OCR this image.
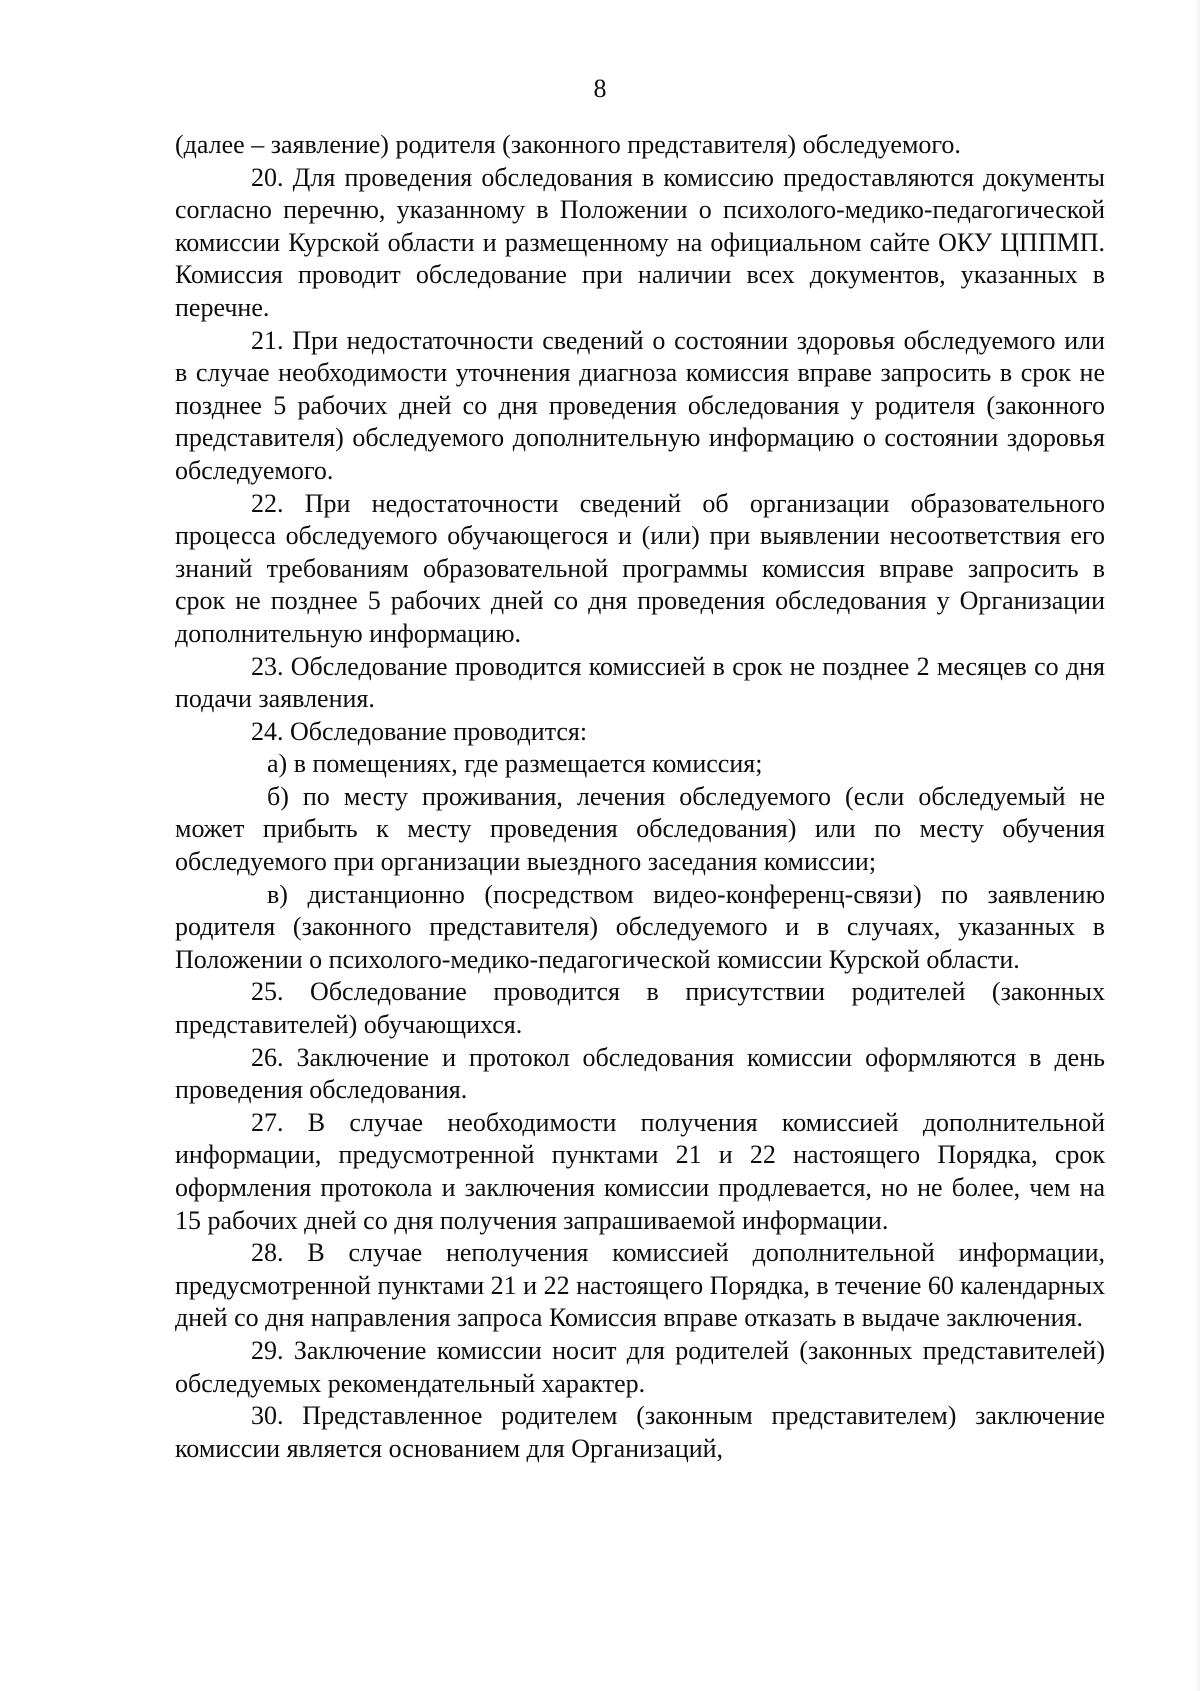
8

(далее – заявление) родителя (законного представителя) обследуемого.

20. Для проведения обследования в комиссию предоставляются документы согласно перечню, указанному в Положении о психолого-медико-педагогической комиссии Курской области и размещенному на официальном сайте ОКУ ЦППМП. Комиссия проводит обследование при наличии всех документов, указанных в перечне.

21. При недостаточности сведений о состоянии здоровья обследуемого или в случае необходимости уточнения диагноза комиссия вправе запросить в срок не позднее 5 рабочих дней со дня проведения обследования у родителя (законного представителя) обследуемого дополнительную информацию о состоянии здоровья обследуемого.

22. При недостаточности сведений об организации образовательного процесса обследуемого обучающегося и (или) при выявлении несоответствия его знаний требованиям образовательной программы комиссия вправе запросить в срок не позднее 5 рабочих дней со дня проведения обследования у Организации дополнительную информацию.

23. Обследование проводится комиссией в срок не позднее 2 месяцев со дня подачи заявления.

24. Обследование проводится:

а) в помещениях, где размещается комиссия;

б) по месту проживания, лечения обследуемого (если обследуемый не может прибыть к месту проведения обследования) или по месту обучения обследуемого при организации выездного заседания комиссии;

в) дистанционно (посредством видео-конференц-связи) по заявлению родителя (законного представителя) обследуемого и в случаях, указанных в Положении о психолого-медико-педагогической комиссии Курской области.

25. Обследование проводится в присутствии родителей (законных представителей) обучающихся.

26. Заключение и протокол обследования комиссии оформляются в день проведения обследования.

27. В случае необходимости получения комиссией дополнительной информации, предусмотренной пунктами 21 и 22 настоящего Порядка, срок оформления протокола и заключения комиссии продлевается, но не более, чем на 15 рабочих дней со дня получения запрашиваемой информации.

28. В случае неполучения комиссией дополнительной информации, предусмотренной пунктами 21 и 22 настоящего Порядка, в течение 60 календарных дней со дня направления запроса Комиссия вправе отказать в выдаче заключения.

29. Заключение комиссии носит для родителей (законных представителей) обследуемых рекомендательный характер.

30. Представленное родителем (законным представителем) заключение комиссии является основанием для Организаций,
